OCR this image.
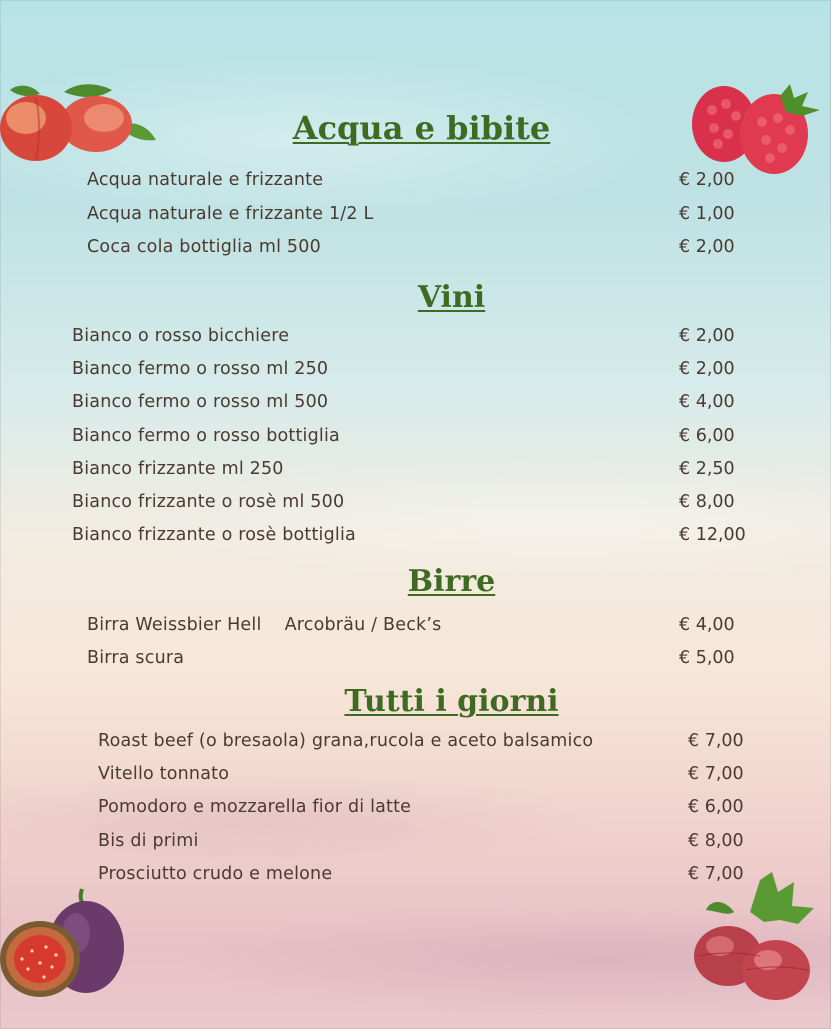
Acqua e bibite
Vini
Birre
Tutti i giorni
Acqua naturale e frizzante	€ 2,00
Acqua naturale e frizzante 1/2 L	€ 1,00
Coca cola bottiglia ml 500	€ 2,00
Bianco o rosso bicchiere	€ 2,00
Bianco fermo o rosso ml 250	€ 2,00
Bianco fermo o rosso ml 500	€ 4,00
Bianco fermo o rosso bottiglia	€ 6,00
Bianco frizzante ml 250	€ 2,50
Bianco frizzante o rosè ml 500	€ 8,00
Bianco frizzante o rosè bottiglia	€ 12,00
Birra Weissbier Hell    Arcobräu / Beck’s	€ 4,00
Birra scura	€ 5,00
Roast beef (o bresaola) grana,rucola e aceto balsamico	€ 7,00
Vitello tonnato	€ 7,00
Pomodoro e mozzarella fior di latte	€ 6,00
Bis di primi	€ 8,00
Prosciutto crudo e melone	€ 7,00
